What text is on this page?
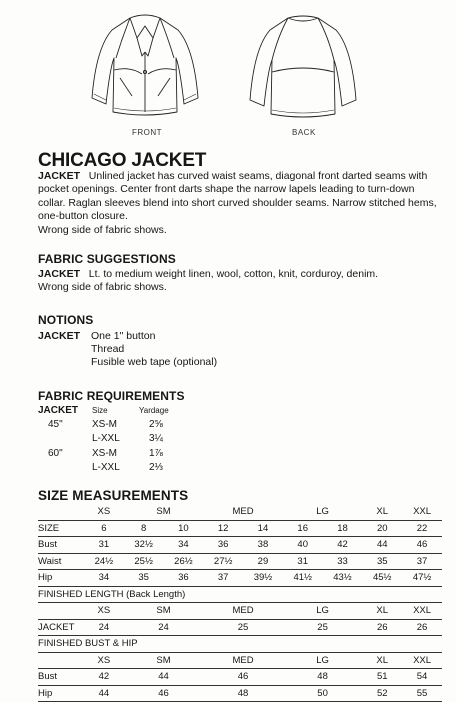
FRONT	BACK
CHICAGO JACKET
JACKET Unlined jacket has curved waist seams, diagonal front darted seams with pocket openings. Center front darts shape the narrow lapels leading to turn-down collar. Raglan sleeves blend into short curved shoulder seams. Narrow stitched hems, one-button closure.
Wrong side of fabric shows.
FABRIC SUGGESTIONS
JACKET Lt. to medium weight linen, wool, cotton, knit, corduroy, denim.
Wrong side of fabric shows.
NOTIONS
JACKET One 1" button
Thread
Fusible web tape (optional)
FABRIC REQUIREMENTS
JACKET Size	Yardage
45"	XS-M	2⅝
L-XXL	3¼
60"	XS-M	1⅞
L-XXL	2⅓
SIZE MEASUREMENTS
	XS	SM		MED		LG		XL	XXL
SIZE	6	8	10	12	14	16	18	20	22
Bust	31	32½	34	36	38	40	42	44	46
Waist	24½	25½	26½	27½	29	31	33	35	37
Hip	34	35	36	37	39½	41½	43½	45½	47½
FINISHED LENGTH (Back Length)									
	XS	SM		MED		LG		XL	XXL
JACKET	24	24		25		25		26	26
FINISHED BUST & HIP									
	XS	SM		MED		LG		XL	XXL
Bust	42	44		46		48		51	54
Hip	44	46		48		50		52	55
